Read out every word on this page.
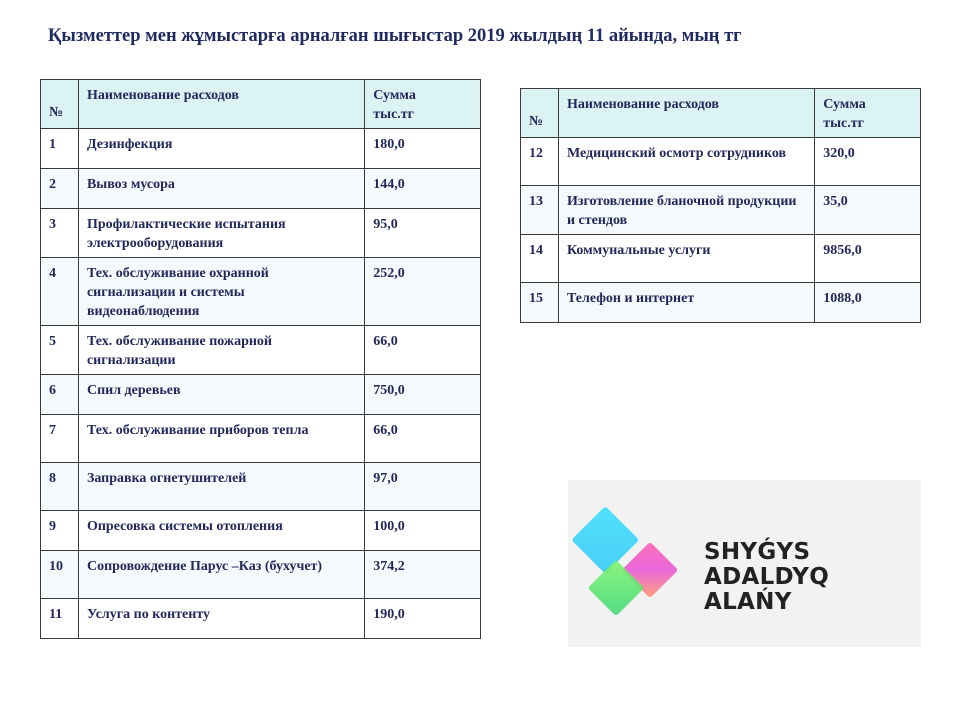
Қызметтер мен жұмыстарға арналған шығыстар 2019 жылдың 11 айында, мың тг
№	Наименование расходов	Сумма
тыс.тг
1	Дезинфекция	180,0
2	Вывоз мусора	144,0
3	Профилактические испытания электрооборудования	95,0
4	Тех. обслуживание охранной сигнализации и системы видеонаблюдения	252,0
5	Тех. обслуживание пожарной сигнализации	66,0
6	Спил деревьев	750,0
7	Тех. обслуживание приборов тепла	66,0
8	Заправка огнетушителей	97,0
9	Опресовка системы отопления	100,0
10	Сопровождение Парус –Каз (бухучет)	374,2
11	Услуга по контенту	190,0
№	Наименование расходов	Сумма
тыс.тг
12	Медицинский осмотр сотрудников	320,0
13	Изготовление бланочной продукции и стендов	35,0
14	Коммунальные услуги	9856,0
15	Телефон и интернет	1088,0
SHYǴYS
ADALDYQ ALAŃY
